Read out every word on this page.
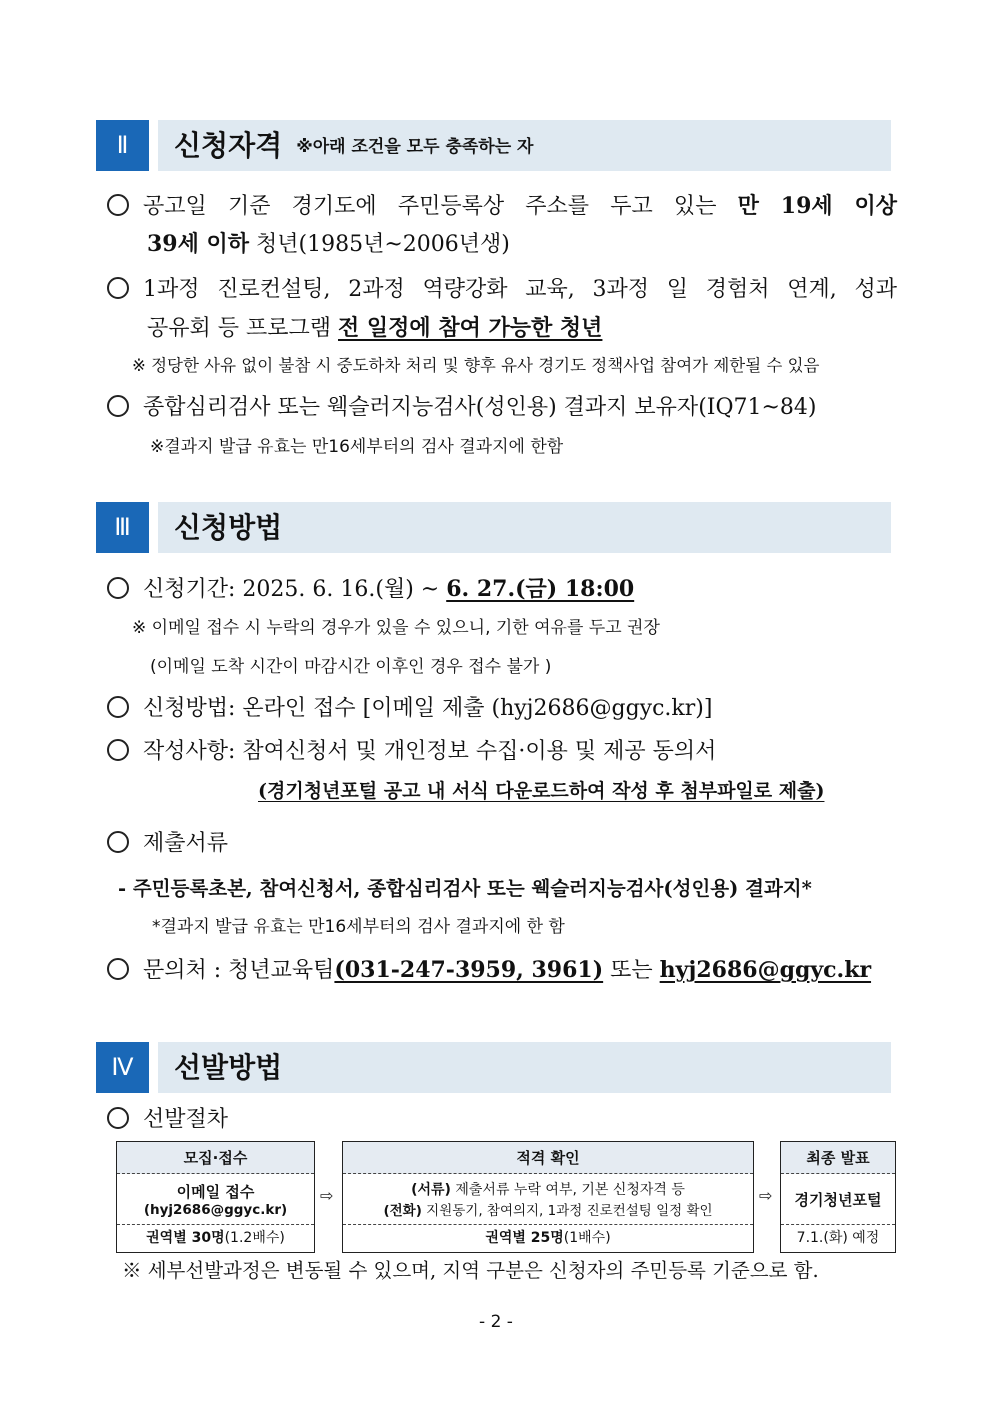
Ⅱ	신청자격 ※아래 조건을 모두 충족하는 자
공고일 기준 경기도에 주민등록상 주소를 두고 있는 만 19세 이상
39세 이하 청년(1985년~2006년생)
1과정 진로컨설팅, 2과정 역량강화 교육, 3과정 일 경험처 연계, 성과
공유회 등 프로그램 전 일정에 참여 가능한 청년
※ 정당한 사유 없이 불참 시 중도하차 처리 및 향후 유사 경기도 정책사업 참여가 제한될 수 있음
종합심리검사 또는 웩슬러지능검사(성인용) 결과지 보유자(IQ71~84)
※결과지 발급 유효는 만16세부터의 검사 결과지에 한함
Ⅲ	신청방법
신청기간: 2025. 6. 16.(월) ~ 6. 27.(금) 18:00
※ 이메일 접수 시 누락의 경우가 있을 수 있으니, 기한 여유를 두고 권장
(이메일 도착 시간이 마감시간 이후인 경우 접수 불가 )
신청방법: 온라인 접수 [이메일 제출 (hyj2686@ggyc.kr)]
작성사항: 참여신청서 및 개인정보 수집·이용 및 제공 동의서
(경기청년포털 공고 내 서식 다운로드하여 작성 후 첨부파일로 제출)
제출서류
- 주민등록초본, 참여신청서, 종합심리검사 또는 웩슬러지능검사(성인용) 결과지*
*결과지 발급 유효는 만16세부터의 검사 결과지에 한 함
문의처 : 청년교육팀(031-247-3959, 3961) 또는 hyj2686@ggyc.kr
Ⅳ	선발방법
선발절차
모집·접수
이메일 접수
(hyj2686@ggyc.kr)
권역별 30명(1.2배수)
⇨
적격 확인
(서류) 제출서류 누락 여부, 기본 신청자격 등
(전화) 지원동기, 참여의지, 1과정 진로컨설팅 일정 확인
권역별 25명(1배수)
⇨
최종 발표
경기청년포털
7.1.(화) 예정
※ 세부선발과정은 변동될 수 있으며, 지역 구분은 신청자의 주민등록 기준으로 함.
- 2 -
